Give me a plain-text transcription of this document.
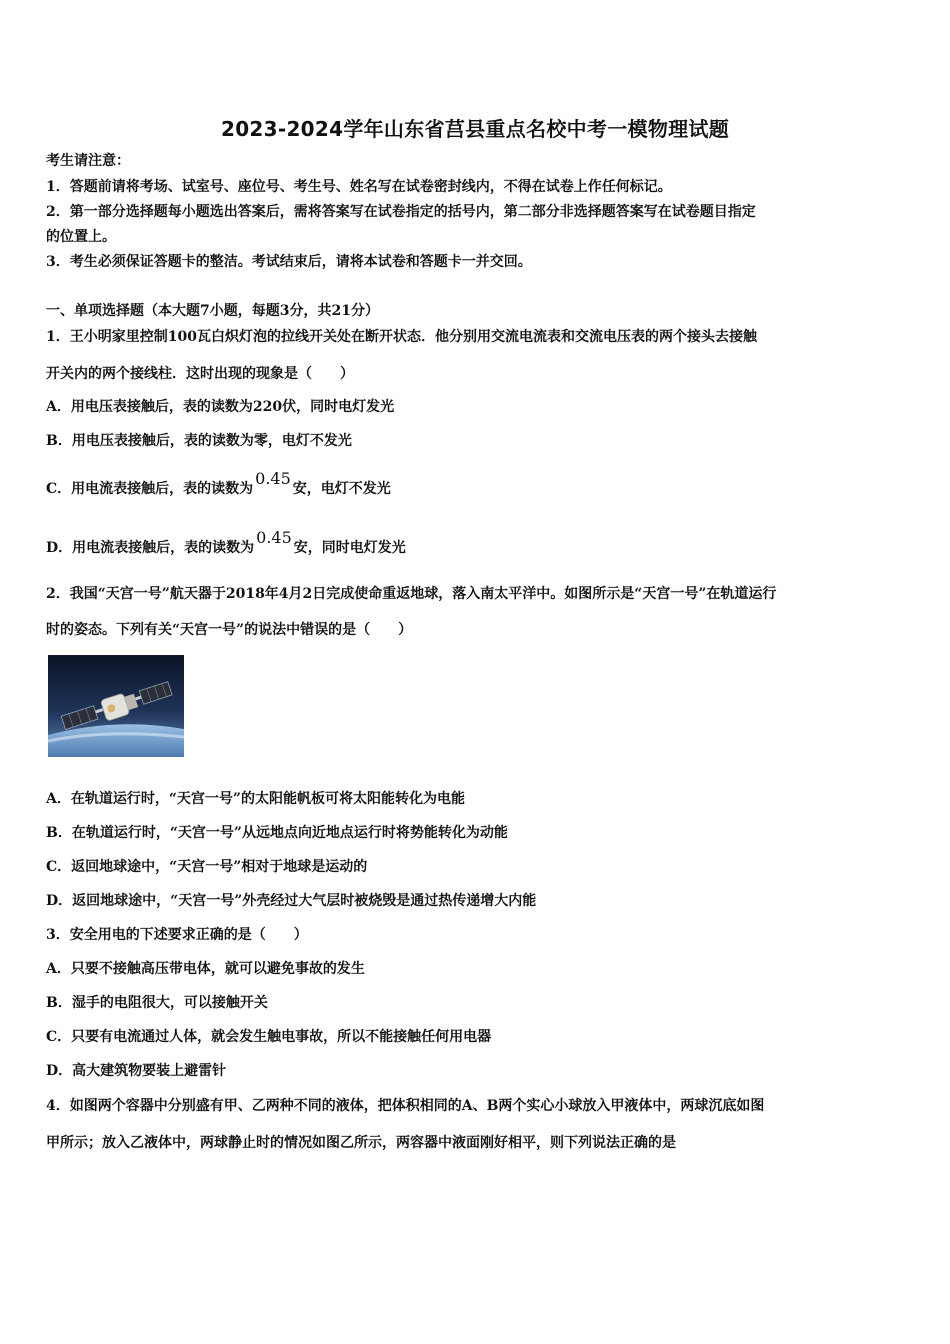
2023-2024学年山东省莒县重点名校中考一模物理试题
考生请注意：
1．答题前请将考场、试室号、座位号、考生号、姓名写在试卷密封线内，不得在试卷上作任何标记。
2．第一部分选择题每小题选出答案后，需将答案写在试卷指定的括号内，第二部分非选择题答案写在试卷题目指定
的位置上。
3．考生必须保证答题卡的整洁。考试结束后，请将本试卷和答题卡一并交回。
一、单项选择题（本大题7小题，每题3分，共21分）
1．王小明家里控制100瓦白炽灯泡的拉线开关处在断开状态．他分别用交流电流表和交流电压表的两个接头去接触
开关内的两个接线柱．这时出现的现象是（　　）
A．用电压表接触后，表的读数为220伏，同时电灯发光
B．用电压表接触后，表的读数为零，电灯不发光
C．用电流表接触后，表的读数为0.45安，电灯不发光
D．用电流表接触后，表的读数为0.45安，同时电灯发光
2．我国“天宫一号”航天器于2018年4月2日完成使命重返地球，落入南太平洋中。如图所示是“天宫一号”在轨道运行
时的姿态。下列有关“天宫一号”的说法中错误的是（　　）
A．在轨道运行时，“天宫一号”的太阳能帆板可将太阳能转化为电能
B．在轨道运行时，“天宫一号”从远地点向近地点运行时将势能转化为动能
C．返回地球途中，“天宫一号”相对于地球是运动的
D．返回地球途中，“天宫一号”外壳经过大气层时被烧毁是通过热传递增大内能
3．安全用电的下述要求正确的是（　　）
A．只要不接触高压带电体，就可以避免事故的发生
B．湿手的电阻很大，可以接触开关
C．只要有电流通过人体，就会发生触电事故，所以不能接触任何用电器
D．高大建筑物要装上避雷针
4．如图两个容器中分别盛有甲、乙两种不同的液体，把体积相同的A、B两个实心小球放入甲液体中，两球沉底如图
甲所示；放入乙液体中，两球静止时的情况如图乙所示，两容器中液面刚好相平，则下列说法正确的是
